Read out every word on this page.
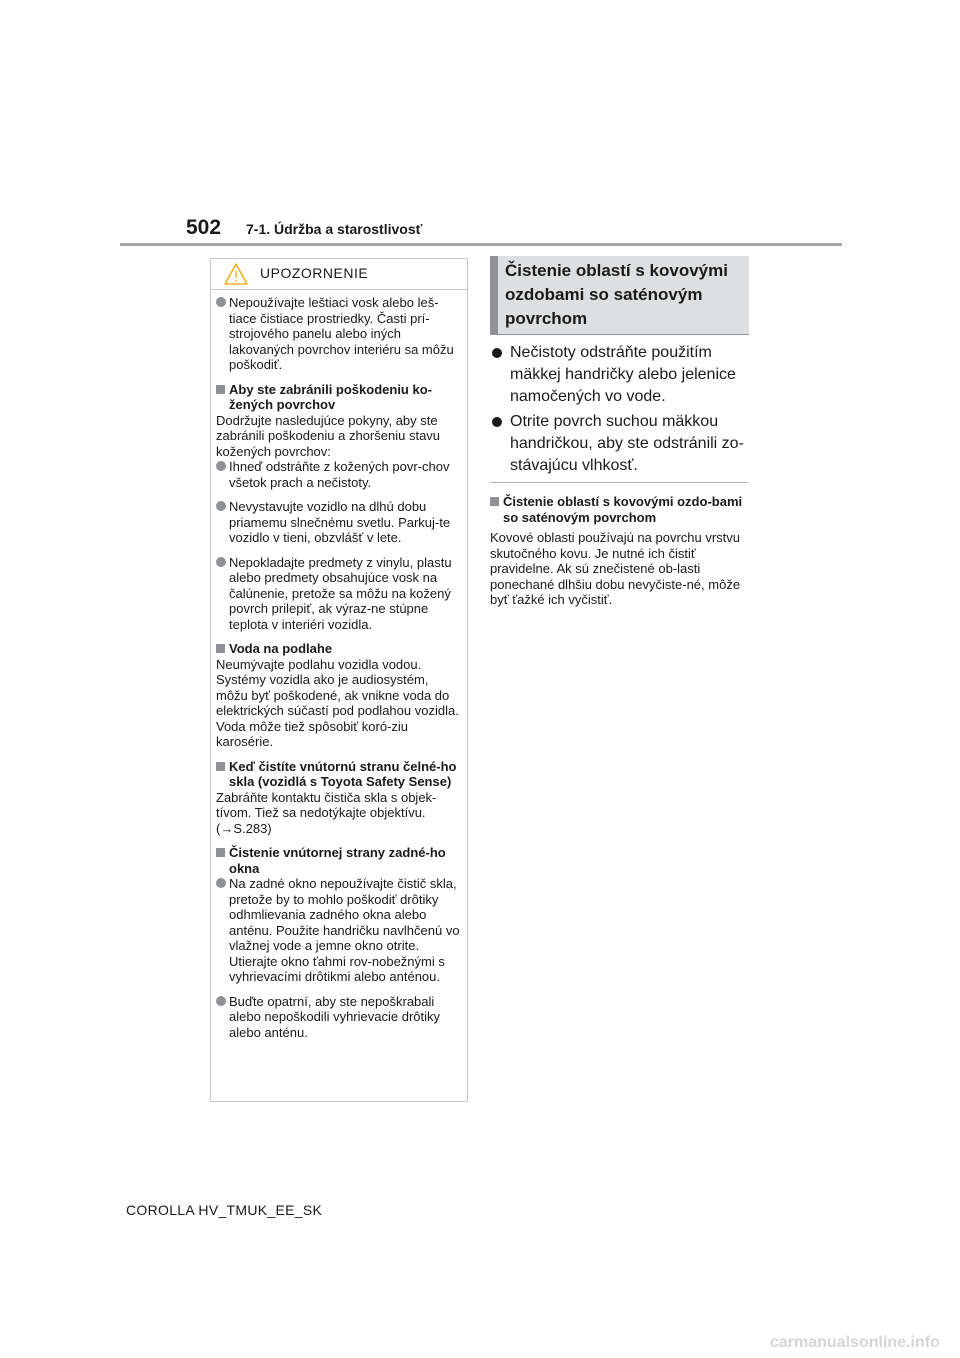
502 7-1. Údržba a starostlivosť
UPOZORNENIE
Nepoužívajte leštiaci vosk alebo leš-tiace čistiace prostriedky. Časti prí-strojového panelu alebo iných lakovaných povrchov interiéru sa môžu poškodiť.
Aby ste zabránili poškodeniu ko-žených povrchov

Dodržujte nasledujúce pokyny, aby ste zabránili poškodeniu a zhoršeniu stavu kožených povrchov:

Ihneď odstráňte z kožených povr-chov všetok prach a nečistoty.
Nevystavujte vozidlo na dlhú dobu priamemu slnečnému svetlu. Parkuj-te vozidlo v tieni, obzvlášť v lete.
Nepokladajte predmety z vinylu, plastu alebo predmety obsahujúce vosk na čalúnenie, pretože sa môžu na kožený povrch prilepiť, ak výraz-ne stúpne teplota v interiéri vozidla.
Voda na podlahe

Neumývajte podlahu vozidla vodou. Systémy vozidla ako je audiosystém, môžu byť poškodené, ak vnikne voda do elektrických súčastí pod podlahou vozidla. Voda môže tiež spôsobiť koró-ziu karosérie.

Keď čistíte vnútornú stranu čelné-ho skla (vozidlá s Toyota Safety Sense)

Zabráňte kontaktu čističa skla s objek-tívom. Tiež sa nedotýkajte objektívu.

(→S.283)

Čistenie vnútornej strany zadné-ho okna
Na zadné okno nepoužívajte čistič skla, pretože by to mohlo poškodiť drôtiky odhmlievania zadného okna alebo anténu. Použite handričku navlhčenú vo vlažnej vode a jemne okno otrite. Utierajte okno ťahmi rov-nobežnými s vyhrievacími drôtikmi alebo anténou.
Buďte opatrní, aby ste nepoškrabali alebo nepoškodili vyhrievacie drôtiky alebo anténu.
Čistenie oblastí s kovovými ozdobami so saténovým povrchom
Nečistoty odstráňte použitím mäkkej handričky alebo jelenice namočených vo vode.
Otrite povrch suchou mäkkou handričkou, aby ste odstránili zo-stávajúcu vlhkosť.
Čistenie oblastí s kovovými ozdo-bami so saténovým povrchom

Kovové oblasti používajú na povrchu vrstvu skutočného kovu. Je nutné ich čistiť pravidelne. Ak sú znečistené ob-lasti ponechané dlhšiu dobu nevyčiste-né, môže byť ťažké ich vyčistiť.

COROLLA HV_TMUK_EE_SK
carmanualsonline.info
